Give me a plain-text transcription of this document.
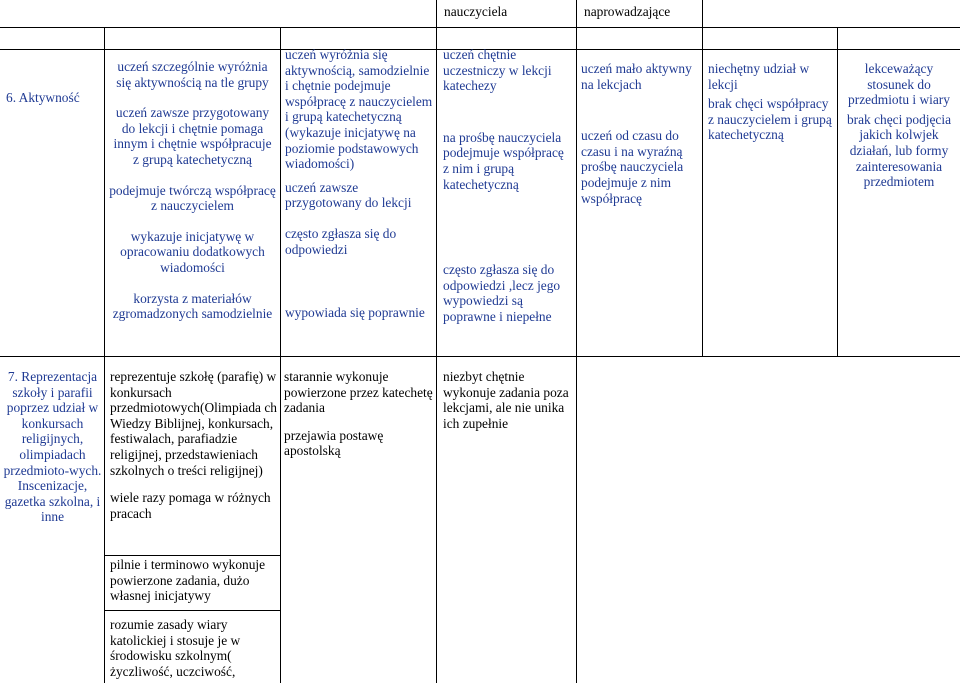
nauczyciela	naprowadzające

6. Aktywność

uczeń szczególnie wyróżnia się aktywnością na tle grupy

uczeń zawsze przygotowany do lekcji i chętnie pomaga innym i chętnie współpracuje z grupą katechetyczną

podejmuje twórczą współpracę z nauczycielem

wykazuje inicjatywę w opracowaniu dodatkowych wiadomości

korzysta z materiałów zgromadzonych samodzielnie

uczeń wyróżnia się aktywnością, samodzielnie i chętnie podejmuje współpracę z nauczycielem i grupą katechetyczną (wykazuje inicjatywę na poziomie podstawowych wiadomości)

uczeń zawsze przygotowany do lekcji

często zgłasza się do odpowiedzi

wypowiada się poprawnie

uczeń chętnie uczestniczy w lekcji katechezy

na prośbę nauczyciela podejmuje współpracę z nim i grupą katechetyczną

często zgłasza się do odpowiedzi ,lecz jego wypowiedzi są poprawne i niepełne

uczeń mało aktywny na lekcjach

uczeń od czasu do czasu i na wyraźną prośbę nauczyciela podejmuje z nim współpracę

niechętny udział w lekcji

brak chęci współpracy z nauczycielem i grupą katechetyczną

lekceważący stosunek do przedmiotu i wiary

brak chęci podjęcia jakich kolwjek działań, lub formy zainteresowania przedmiotem

7. Reprezentacja szkoły i parafii poprzez udział w konkursach religijnych, olimpiadach przedmioto-wych. Inscenizacje, gazetka szkolna, i inne

reprezentuje szkołę (parafię) w konkursach przedmiotowych(Olimpiada ch Wiedzy Biblijnej, konkursach, festiwalach, parafiadzie religijnej, przedstawieniach szkolnych o treści religijnej)

wiele razy pomaga w różnych pracach

pilnie i terminowo wykonuje powierzone zadania, dużo własnej inicjatywy

rozumie zasady wiary katolickiej i stosuje je w środowisku szkolnym( życzliwość, uczciwość,

starannie wykonuje powierzone przez katechetę zadania

przejawia postawę apostolską

niezbyt chętnie wykonuje zadania poza lekcjami, ale nie unika ich zupełnie
